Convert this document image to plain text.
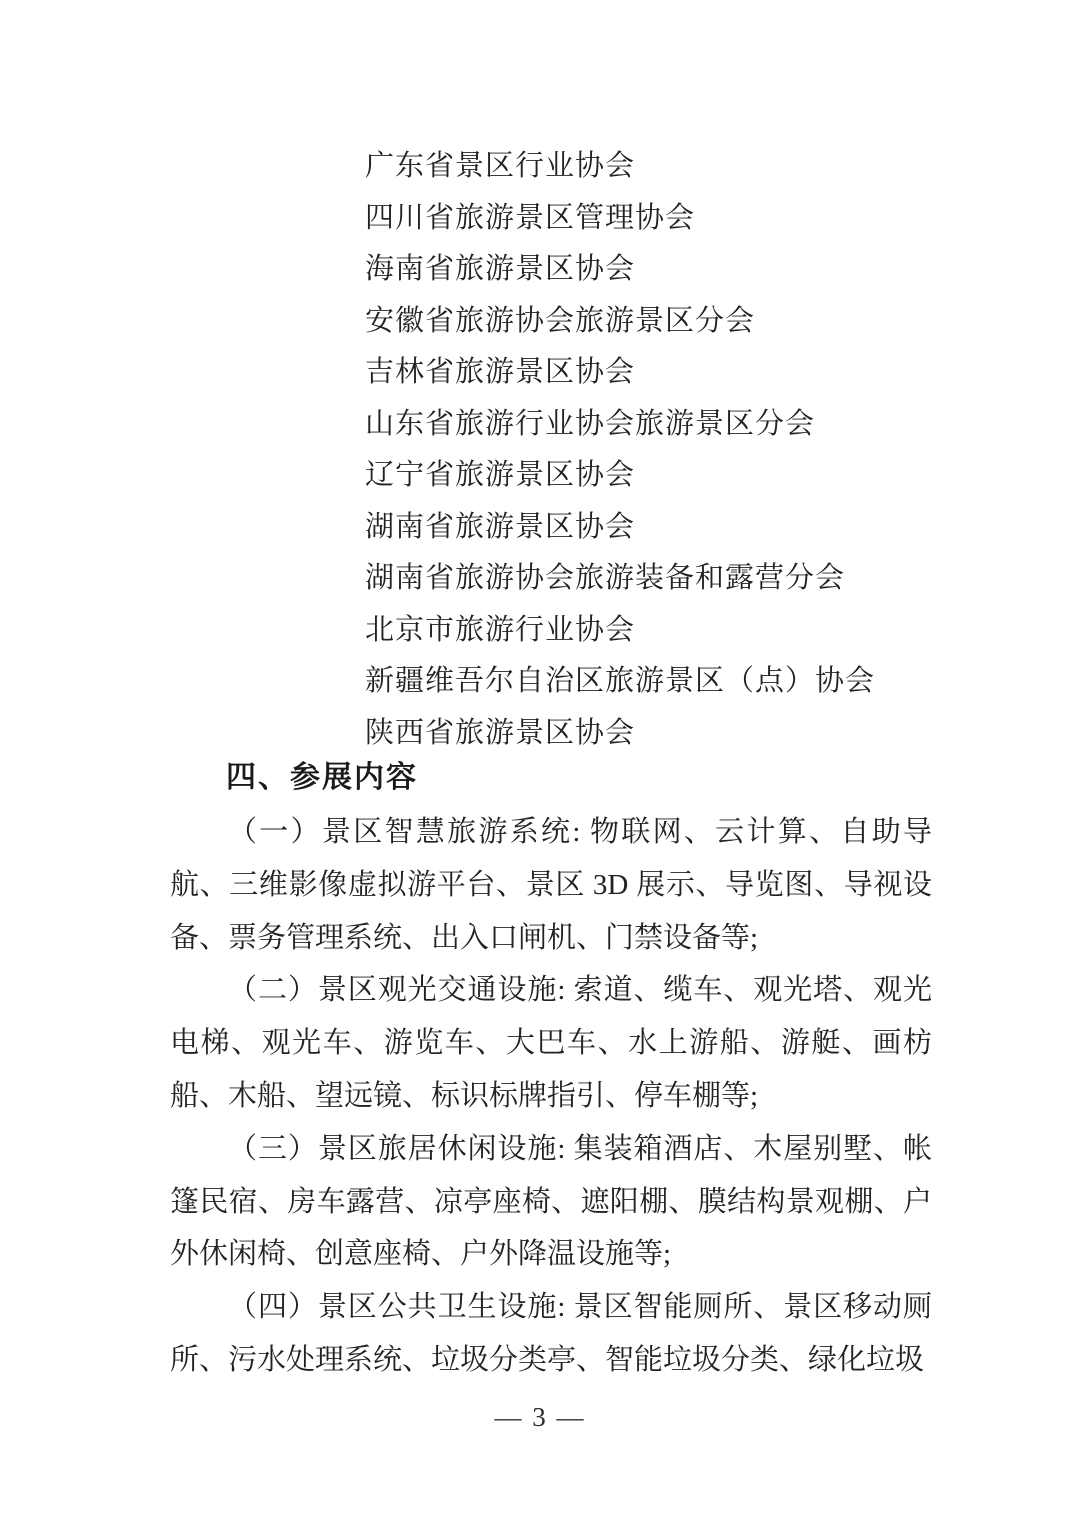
广东省景区行业协会
四川省旅游景区管理协会
海南省旅游景区协会
安徽省旅游协会旅游景区分会
吉林省旅游景区协会
山东省旅游行业协会旅游景区分会
辽宁省旅游景区协会
湖南省旅游景区协会
湖南省旅游协会旅游装备和露营分会
北京市旅游行业协会
新疆维吾尔自治区旅游景区（点）协会
陕西省旅游景区协会
四、参展内容
（一）景区智慧旅游系统: 物联网、云计算、自助导航、三维影像虚拟游平台、景区 3D 展示、导览图、导视设备、票务管理系统、出入口闸机、门禁设备等;
（二）景区观光交通设施: 索道、缆车、观光塔、观光电梯、观光车、游览车、大巴车、水上游船、游艇、画枋船、木船、望远镜、标识标牌指引、停车棚等;
（三）景区旅居休闲设施: 集装箱酒店、木屋别墅、帐篷民宿、房车露营、凉亭座椅、遮阳棚、膜结构景观棚、户外休闲椅、创意座椅、户外降温设施等;
（四）景区公共卫生设施: 景区智能厕所、景区移动厕所、污水处理系统、垃圾分类亭、智能垃圾分类、绿化垃圾
— 3 —
